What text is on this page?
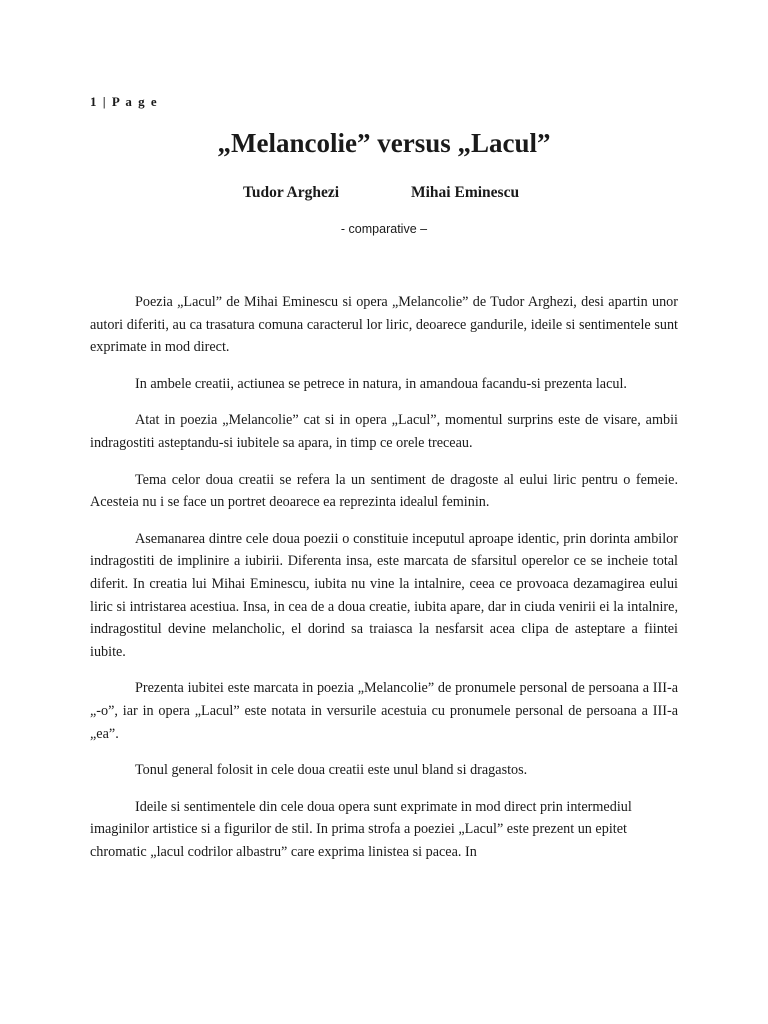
1 | P a g e
„Melancolie” versus „Lacul”
Tudor Arghezi	Mihai Eminescu
- comparative –

Poezia „Lacul” de Mihai Eminescu si opera „Melancolie” de Tudor Arghezi, desi apartin unor autori diferiti, au ca trasatura comuna caracterul lor liric, deoarece gandurile, ideile si sentimentele sunt exprimate in mod direct.

In ambele creatii, actiunea se petrece in natura, in amandoua facandu-si prezenta lacul.

Atat in poezia „Melancolie” cat si in opera „Lacul”, momentul surprins este de visare, ambii indragostiti asteptandu-si iubitele sa apara, in timp ce orele treceau.

Tema celor doua creatii se refera la un sentiment de dragoste al eului liric pentru o femeie. Acesteia nu i se face un portret deoarece ea reprezinta idealul feminin.

Asemanarea dintre cele doua poezii o constituie inceputul aproape identic, prin dorinta ambilor indragostiti de implinire a iubirii. Diferenta insa, este marcata de sfarsitul operelor ce se incheie total diferit. In creatia lui Mihai Eminescu, iubita nu vine la intalnire, ceea ce provoaca dezamagirea eului liric si intristarea acestiua. Insa, in cea de a doua creatie, iubita apare, dar in ciuda venirii ei la intalnire, indragostitul devine melancholic, el dorind sa traiasca la nesfarsit acea clipa de asteptare a fiintei iubite.

Prezenta iubitei este marcata in poezia „Melancolie” de pronumele personal de persoana a III-a „-o”, iar in opera „Lacul” este notata in versurile acestuia cu pronumele personal de persoana a III-a „ea”.

Tonul general folosit in cele doua creatii este unul bland si dragastos.

Ideile si sentimentele din cele doua opera sunt exprimate in mod direct prin intermediul imaginilor artistice si a figurilor de stil. In prima strofa a poeziei „Lacul” este prezent un epitet chromatic „lacul codrilor albastru” care exprima linistea si pacea. In
